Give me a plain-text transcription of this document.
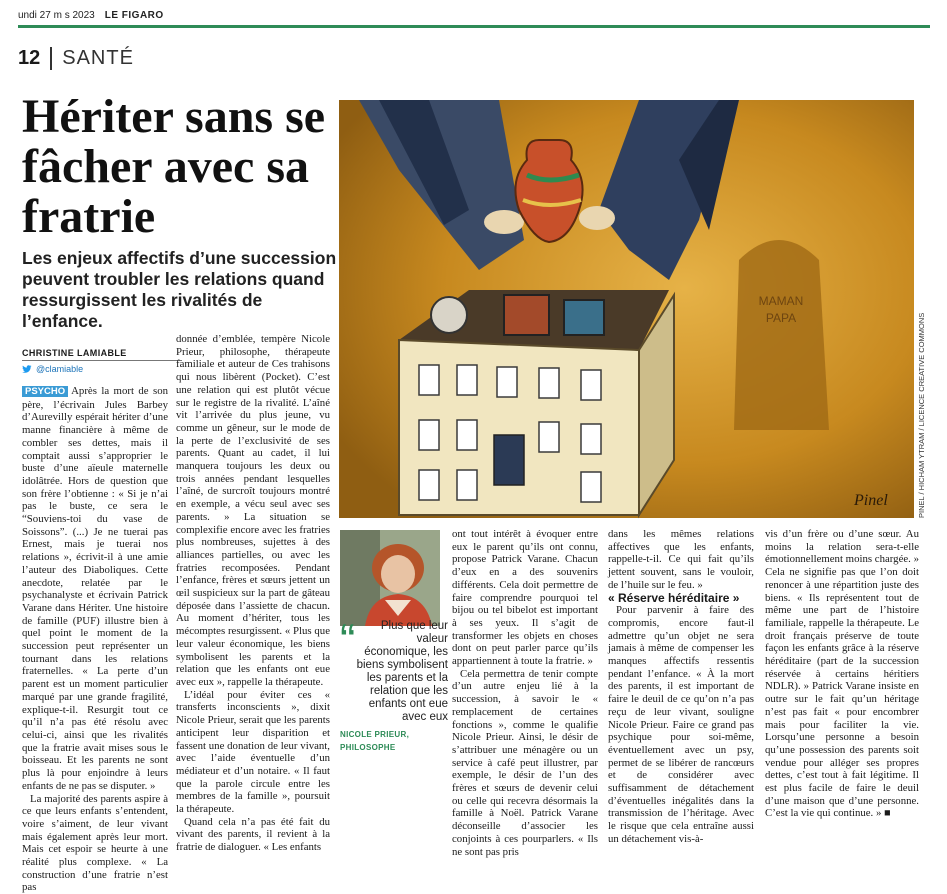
undi 27 m s 2023 LE FIGARO
12	SANTÉ
Hériter sans se fâcher avec sa fratrie

Les enjeux affectifs d’une succession peuvent troubler les relations quand ressurgissent les rivalités de l’enfance.

MAMAN
PAPA
Pinel	PINEL / HICHAM YTRAM / LICENCE CREATIVE COMMONS
CHRISTINE LAMIABLE
@clamiable

PSYCHO Après la mort de son père, l’écrivain Jules Barbey d’Aurevilly espérait hériter d’une manne financière à même de combler ses dettes, mais il comptait aussi s’approprier le buste d’une aïeule maternelle idolâtrée. Hors de question que son frère l’obtienne : « Si je n’ai pas le buste, ce sera le “Souviens-toi du vase de Soissons”. (...) Je ne tuerai pas Ernest, mais je tuerai nos relations », écrivit-il à une amie l’auteur des Diaboliques. Cette anecdote, relatée par le psychanalyste et écrivain Patrick Varane dans Hériter. Une histoire de famille (PUF) illustre bien à quel point le moment de la succession peut représenter un tournant dans les relations fraternelles. « La perte d’un parent est un moment particulier marqué par une grande fragilité, explique-t-il. Resurgit tout ce qu’il n’a pas été résolu avec celui-ci, ainsi que les rivalités que la fratrie avait mises sous le boisseau. Et les parents ne sont plus là pour enjoindre à leurs enfants de ne pas se disputer. »

La majorité des parents aspire à ce que leurs enfants s’entendent, voire s’aiment, de leur vivant mais également après leur mort. Mais cet espoir se heurte à une réalité plus complexe. « La construction d’une fratrie n’est pas

donnée d’emblée, tempère Nicole Prieur, philosophe, thérapeute familiale et auteur de Ces trahisons qui nous libèrent (Pocket). C’est une relation qui est plutôt vécue sur le registre de la rivalité. L’aîné vit l’arrivée du plus jeune, vu comme un gêneur, sur le mode de la perte de l’exclusivité de ses parents. Quant au cadet, il lui manquera toujours les deux ou trois années pendant lesquelles l’aîné, de surcroît toujours montré en exemple, a vécu seul avec ses parents. » La situation se complexifie encore avec les fratries plus nombreuses, sujettes à des alliances partielles, ou avec les fratries recomposées. Pendant l’enfance, frères et sœurs jettent un œil suspicieux sur la part de gâteau déposée dans l’assiette de chacun. Au moment d’hériter, tous les mécomptes resurgissent. « Plus que leur valeur économique, les biens symbolisent les parents et la relation que les enfants ont eue avec eux », rappelle la thérapeute.

L’idéal pour éviter ces « transferts inconscients », dixit Nicole Prieur, serait que les parents anticipent leur disparition et fassent une donation de leur vivant, avec l’aide éventuelle d’un médiateur et d’un notaire. « Il faut que la parole circule entre les membres de la famille », poursuit la thérapeute.

Quand cela n’a pas été fait du vivant des parents, il revient à la fratrie de dialoguer. « Les enfants

“	Plus que leur valeur économique, les biens symbolisent les parents et la relation que les enfants ont eue avec eux
NICOLE PRIEUR, PHILOSOPHE

ont tout intérêt à évoquer entre eux le parent qu’ils ont connu, propose Patrick Varane. Chacun d’eux en a des souvenirs différents. Cela doit permettre de faire comprendre pourquoi tel bijou ou tel bibelot est important à ses yeux. Il s’agit de transformer les objets en choses dont on peut parler parce qu’ils appartiennent à toute la fratrie. »

Cela permettra de tenir compte d’un autre enjeu lié à la succession, à savoir le « remplacement de certaines fonctions », comme le qualifie Nicole Prieur. Ainsi, le désir de s’attribuer une ménagère ou un service à café peut illustrer, par exemple, le désir de l’un des frères et sœurs de devenir celui ou celle qui recevra désormais la famille à Noël. Patrick Varane déconseille d’associer les conjoints à ces pourparlers. « Ils ne sont pas pris

dans les mêmes relations affectives que les enfants, rappelle-t-il. Ce qui fait qu’ils jettent souvent, sans le vouloir, de l’huile sur le feu. »

« Réserve héréditaire »

Pour parvenir à faire des compromis, encore faut-il admettre qu’un objet ne sera jamais à même de compenser les manques affectifs ressentis pendant l’enfance. « À la mort des parents, il est important de faire le deuil de ce qu’on n’a pas reçu de leur vivant, souligne Nicole Prieur. Faire ce grand pas psychique pour soi-même, éventuellement avec un psy, permet de se libérer de rancœurs et de considérer avec suffisamment de détachement d’éventuelles inégalités dans la transmission de l’héritage. Avec le risque que cela entraîne aussi un détachement vis-à-

vis d’un frère ou d’une sœur. Au moins la relation sera-t-elle émotionnellement moins chargée. » Cela ne signifie pas que l’on doit renoncer à une répartition juste des biens. « Ils représentent tout de même une part de l’histoire familiale, rappelle la thérapeute. Le droit français préserve de toute façon les enfants grâce à la réserve héréditaire (part de la succession réservée à certains héritiers NDLR). » Patrick Varane insiste en outre sur le fait qu’un héritage n’est pas fait « pour encombrer mais pour faciliter la vie. Lorsqu’une personne a besoin qu’une possession des parents soit vendue pour alléger ses propres dettes, c’est tout à fait légitime. Il est plus facile de faire le deuil d’une maison que d’une personne. C’est la vie qui continue. » ■
